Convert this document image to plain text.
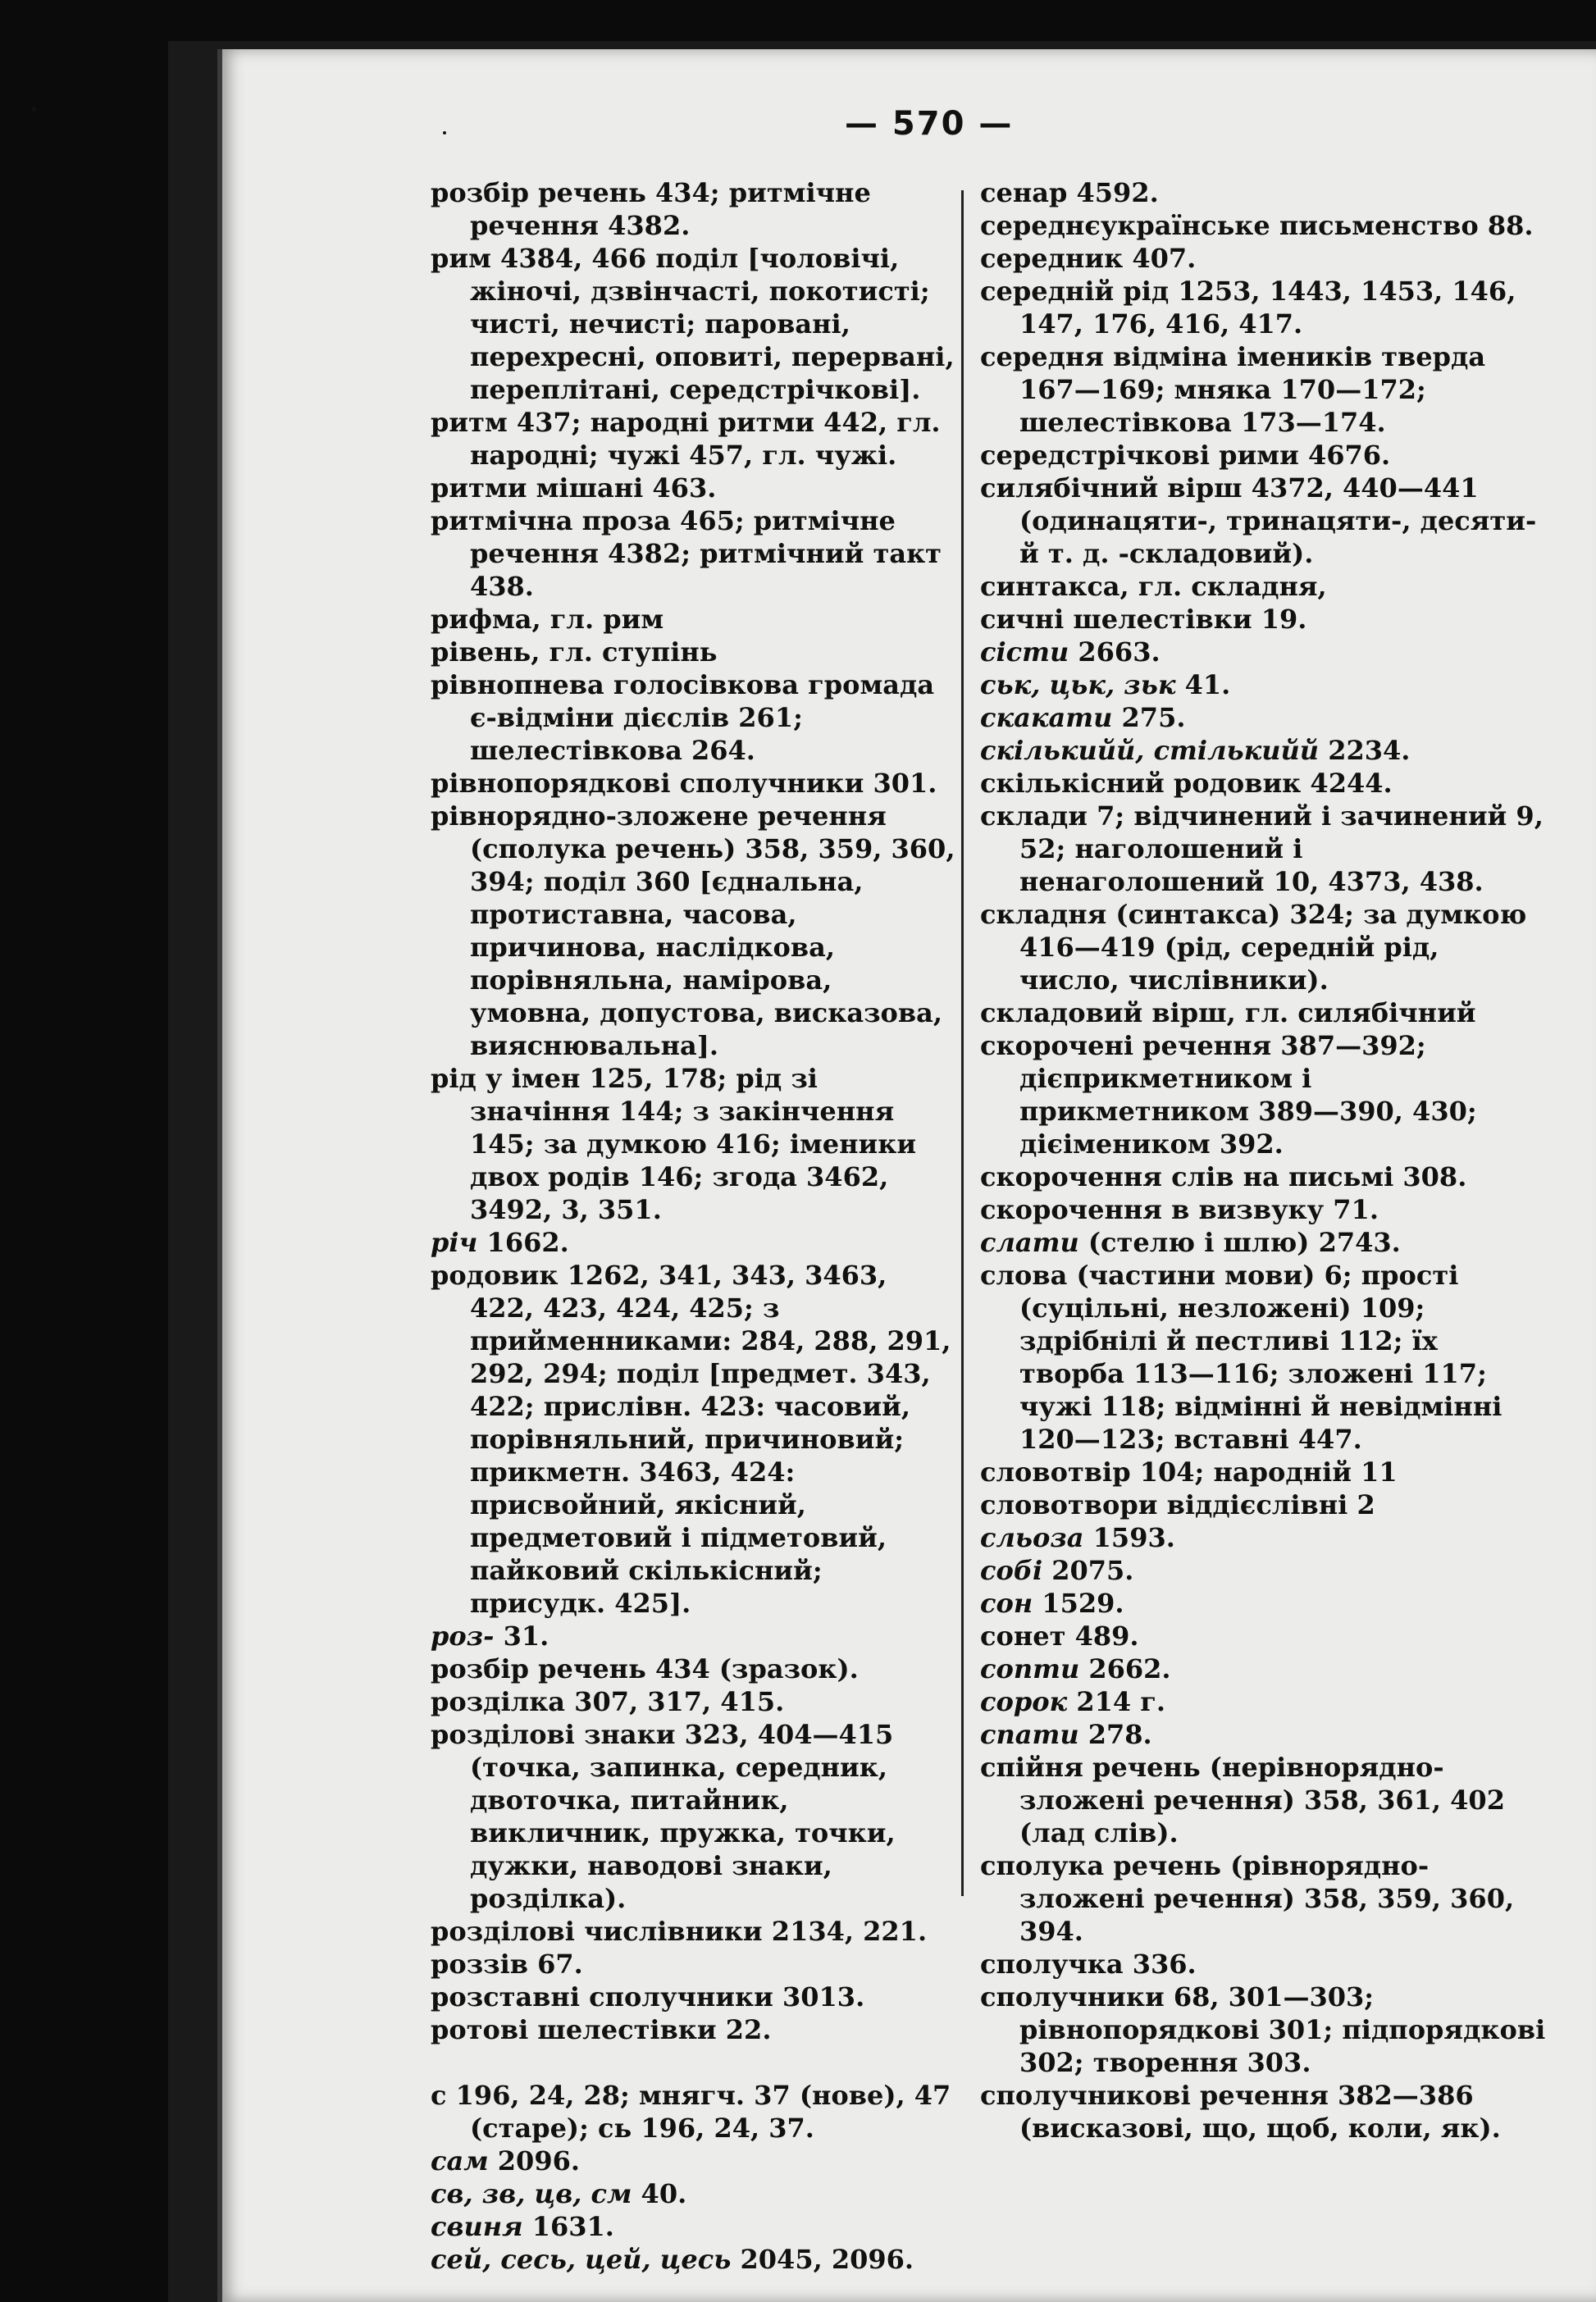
— 570 —

розбір речень 434; ритмічне речення 4382.

рим 4384, 466 поділ [чоловічі, жіночі, дзвінчасті, покотисті; чисті, нечисті; паровані, перехресні, оповиті, перервані, переплітані, середстрічкові].

ритм 437; народні ритми 442, гл. народні; чужі 457, гл. чужі.

ритми мішані 463.

ритмічна проза 465; ритмічне речення 4382; ритмічний такт 438.

рифма, гл. рим

рівень, гл. ступінь

рівнопнева голосівкова громада є-відміни дієслів 261; шелестівкова 264.

рівнопорядкові сполучники 301.

рівнорядно-зложене речення (сполука речень) 358, 359, 360, 394; поділ 360 [єднальна, протиставна, часова, причинова, наслідкова, порівняльна, намірова, умовна, допустова, висказова, вияснювальна].

рід у імен 125, 178; рід зі значіння 144; з закінчення 145; за думкою 416; іменики двох родів 146; згода 3462, 3492, 3, 351.

річ 1662.

родовик 1262, 341, 343, 3463, 422, 423, 424, 425; з прийменниками: 284, 288, 291, 292, 294; поділ [предмет. 343, 422; прислівн. 423: часовий, порівняльний, причиновий; прикметн. 3463, 424: присвойний, якісний, предметовий і підметовий, пайковий скількісний; присудк. 425].

роз- 31.

розбір речень 434 (зразок).

розділка 307, 317, 415.

розділові знаки 323, 404—415 (точка, запинка, середник, двоточка, питайник, викличник, пружка, точки, дужки, наводові знаки, розділка).

розділові числівники 2134, 221.

роззів 67.

розставні сполучники 3013.

ротові шелестівки 22.

с 196, 24, 28; мнягч. 37 (нове), 47 (старе); сь 196, 24, 37.

сам 2096.

св, зв, цв, см 40.

свиня 1631.

сей, сесь, цей, цесь 2045, 2096.

сенар 4592.

середнєукраїнське письменство 88.

середник 407.

середній рід 1253, 1443, 1453, 146, 147, 176, 416, 417.

середня відміна імеників тверда 167—169; мняка 170—172; шелестівкова 173—174.

середстрічкові рими 4676.

силябічний вірш 4372, 440—441 (одинацяти-, тринацяти-, десяти- й т. д. -складовий).

синтакса, гл. складня,

сичні шелестівки 19.

сісти 2663.

ськ, цьк, зьк 41.

скакати 275.

скількийй, стількийй 2234.

скількісний родовик 4244.

склади 7; відчинений і зачинений 9, 52; наголошений і ненаголошений 10, 4373, 438.

складня (синтакса) 324; за думкою 416—419 (рід, середній рід, число, числівники).

складовий вірш, гл. силябічний

скорочені речення 387—392; дієприкметником і прикметником 389—390, 430; дієімеником 392.

скорочення слів на письмі 308.

скорочення в визвуку 71.

слати (стелю і шлю) 2743.

слова (частини мови) 6; прості (суцільні, незложені) 109; здрібнілі й пестливі 112; їх творба 113—116; зложені 117; чужі 118; відмінні й невідмінні 120—123; вставні 447.

словотвір 104; народній 11

словотвори віддієслівні 2

сльоза 1593.

собі 2075.

сон 1529.

сонет 489.

сопти 2662.

сорок 214 г.

спати 278.

спійня речень (нерівнорядно-зложені речення) 358, 361, 402 (лад слів).

сполука речень (рівнорядно-зложені речення) 358, 359, 360, 394.

сполучка 336.

сполучники 68, 301—303; рівнопорядкові 301; підпорядкові 302; творення 303.

сполучникові речення 382—386 (висказові, що, щоб, коли, як).
